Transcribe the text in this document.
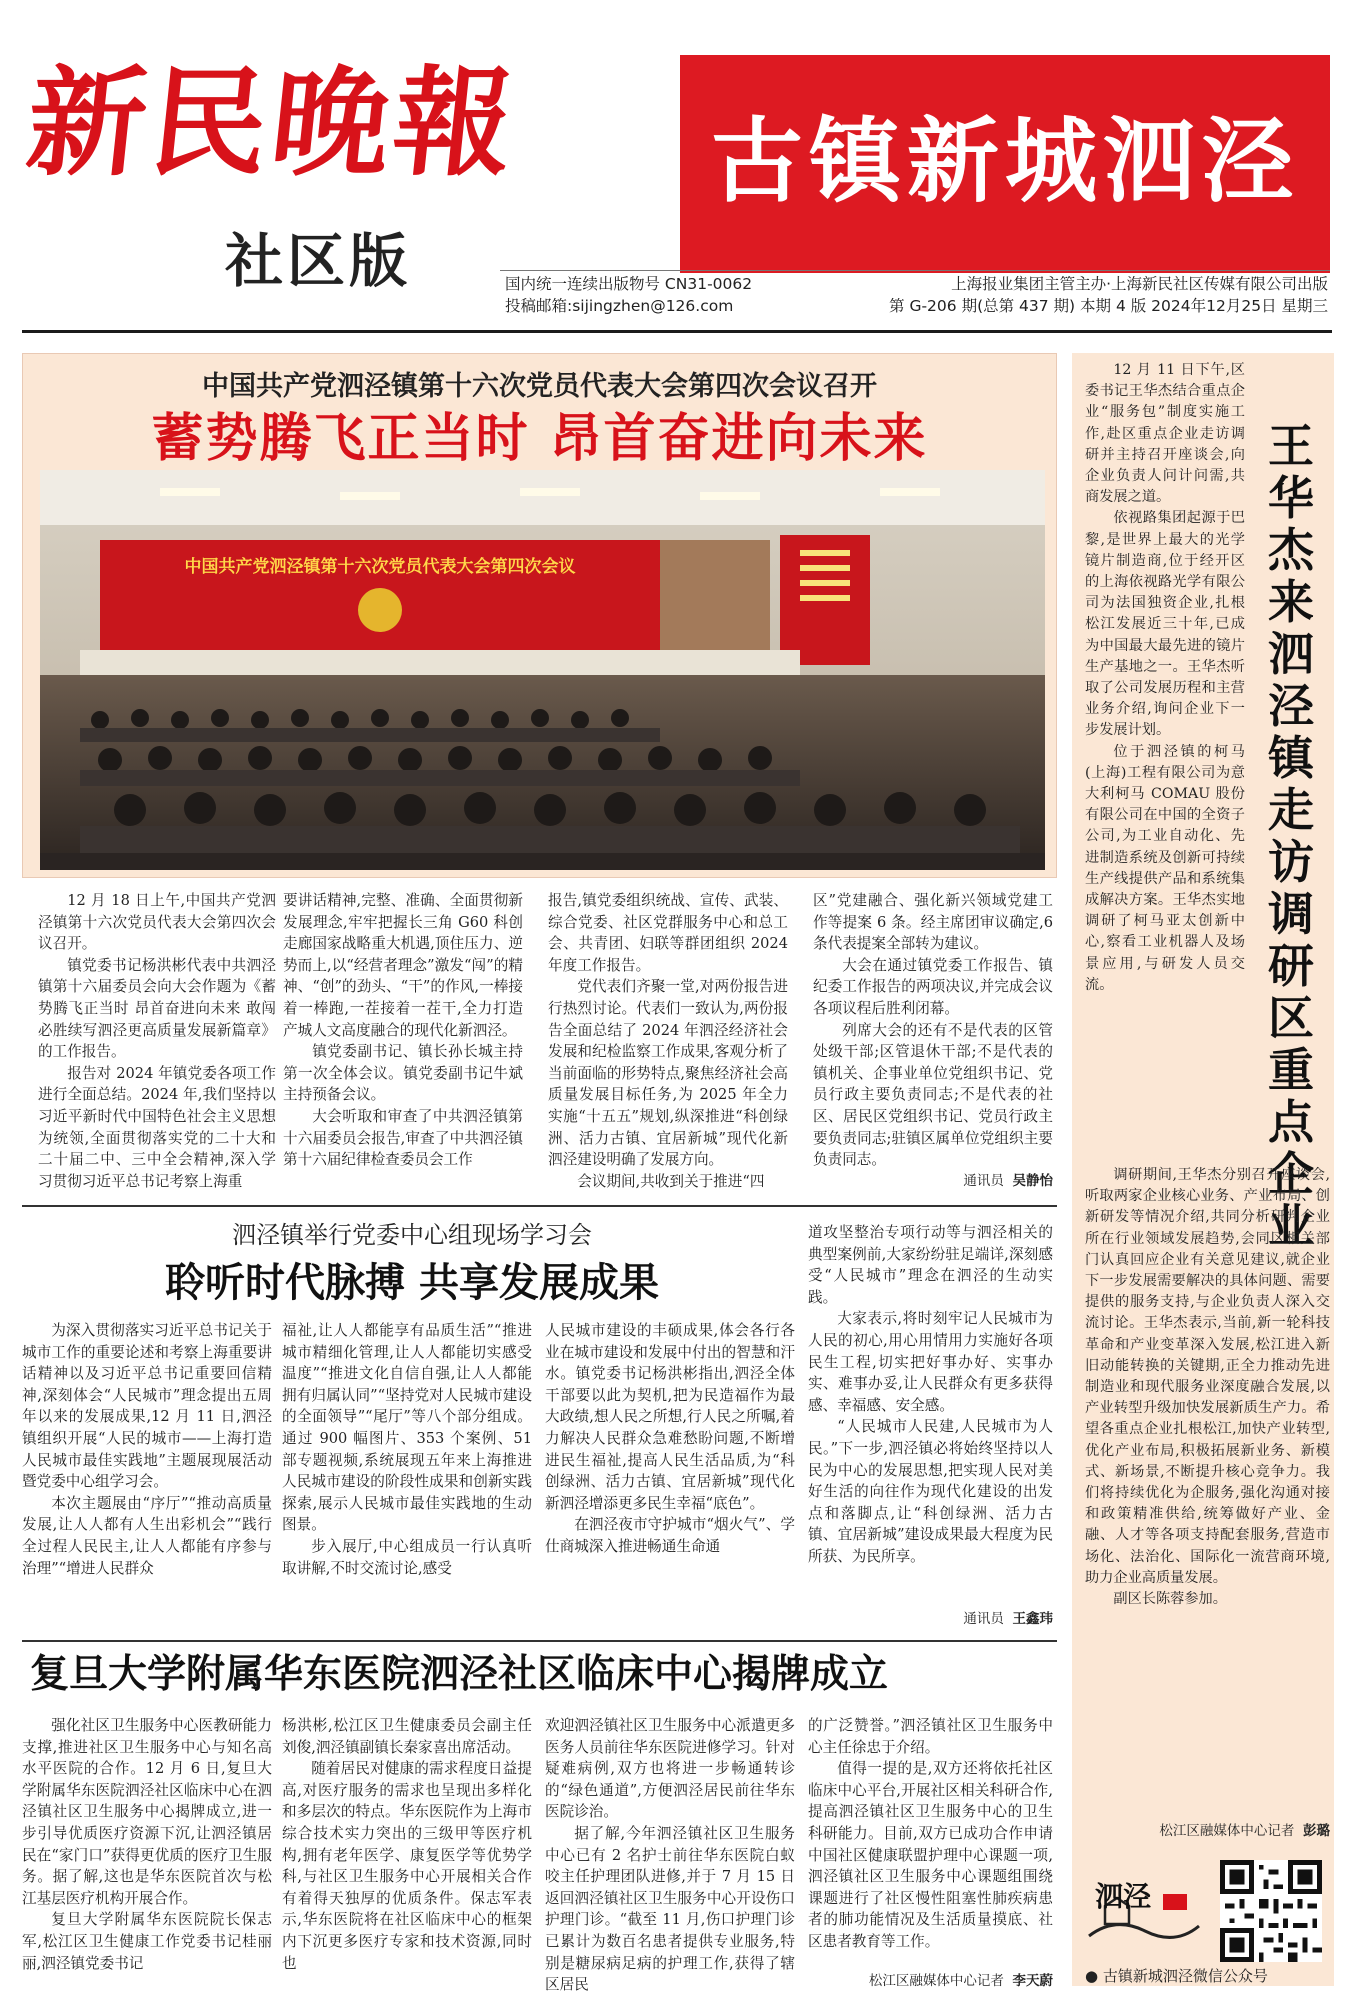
新民晚報
社区版
古镇新城泗泾
国内统一连续出版物号 CN31-0062	上海报业集团主管主办·上海新民社区传媒有限公司出版
投稿邮箱:sijingzhen@126.com	第 G-206 期(总第 437 期) 本期 4 版 2024年12月25日 星期三
中国共产党泗泾镇第十六次党员代表大会第四次会议召开
蓄势腾飞正当时 昂首奋进向未来
中国共产党泗泾镇第十六次党员代表大会第四次会议

12 月 18 日上午,中国共产党泗泾镇第十六次党员代表大会第四次会议召开。

镇党委书记杨洪彬代表中共泗泾镇第十六届委员会向大会作题为《蓄势腾飞正当时 昂首奋进向未来 敢闯必胜续写泗泾更高质量发展新篇章》的工作报告。

报告对 2024 年镇党委各项工作进行全面总结。2024 年,我们坚持以习近平新时代中国特色社会主义思想为统领,全面贯彻落实党的二十大和二十届二中、三中全会精神,深入学习贯彻习近平总书记考察上海重

要讲话精神,完整、准确、全面贯彻新发展理念,牢牢把握长三角 G60 科创走廊国家战略重大机遇,顶住压力、逆势而上,以“经营者理念”激发“闯”的精神、“创”的劲头、“干”的作风,一棒接着一棒跑,一茬接着一茬干,全力打造产城人文高度融合的现代化新泗泾。

镇党委副书记、镇长孙长城主持第一次全体会议。镇党委副书记牛斌主持预备会议。

大会听取和审查了中共泗泾镇第十六届委员会报告,审查了中共泗泾镇第十六届纪律检查委员会工作

报告,镇党委组织统战、宣传、武装、综合党委、社区党群服务中心和总工会、共青团、妇联等群团组织 2024 年度工作报告。

党代表们齐聚一堂,对两份报告进行热烈讨论。代表们一致认为,两份报告全面总结了 2024 年泗泾经济社会发展和纪检监察工作成果,客观分析了当前面临的形势特点,聚焦经济社会高质量发展目标任务,为 2025 年全力实施“十五五”规划,纵深推进“科创绿洲、活力古镇、宜居新城”现代化新泗泾建设明确了发展方向。

会议期间,共收到关于推进“四

区”党建融合、强化新兴领域党建工作等提案 6 条。经主席团审议确定,6 条代表提案全部转为建议。

大会在通过镇党委工作报告、镇纪委工作报告的两项决议,并完成会议各项议程后胜利闭幕。

列席大会的还有不是代表的区管处级干部;区管退休干部;不是代表的镇机关、企事业单位党组织书记、党员行政主要负责同志;不是代表的社区、居民区党组织书记、党员行政主要负责同志;驻镇区属单位党组织主要负责同志。

通讯员 吴静怡
泗泾镇举行党委中心组现场学习会
聆听时代脉搏 共享发展成果

为深入贯彻落实习近平总书记关于城市工作的重要论述和考察上海重要讲话精神以及习近平总书记重要回信精神,深刻体会“人民城市”理念提出五周年以来的发展成果,12 月 11 日,泗泾镇组织开展“人民的城市——上海打造人民城市最佳实践地”主题展现展活动暨党委中心组学习会。

本次主题展由“序厅”“推动高质量发展,让人人都有人生出彩机会”“践行全过程人民民主,让人人都能有序参与治理”“增进人民群众

福祉,让人人都能享有品质生活”“推进城市精细化管理,让人人都能切实感受温度”“推进文化自信自强,让人人都能拥有归属认同”“坚持党对人民城市建设的全面领导”“尾厅”等八个部分组成。通过 900 幅图片、353 个案例、51 部专题视频,系统展现五年来上海推进人民城市建设的阶段性成果和创新实践探索,展示人民城市最佳实践地的生动图景。

步入展厅,中心组成员一行认真听取讲解,不时交流讨论,感受

人民城市建设的丰硕成果,体会各行各业在城市建设和发展中付出的智慧和汗水。镇党委书记杨洪彬指出,泗泾全体干部要以此为契机,把为民造福作为最大政绩,想人民之所想,行人民之所嘱,着力解决人民群众急难愁盼问题,不断增进民生福祉,提高人民生活品质,为“科创绿洲、活力古镇、宜居新城”现代化新泗泾增添更多民生幸福“底色”。

在泗泾夜市守护城市“烟火气”、学仕商城深入推进畅通生命通

道攻坚整治专项行动等与泗泾相关的典型案例前,大家纷纷驻足端详,深刻感受“人民城市”理念在泗泾的生动实践。

大家表示,将时刻牢记人民城市为人民的初心,用心用情用力实施好各项民生工程,切实把好事办好、实事办实、难事办妥,让人民群众有更多获得感、幸福感、安全感。

“人民城市人民建,人民城市为人民。”下一步,泗泾镇必将始终坚持以人民为中心的发展思想,把实现人民对美好生活的向往作为现代化建设的出发点和落脚点,让“科创绿洲、活力古镇、宜居新城”建设成果最大程度为民所获、为民所享。

通讯员 王鑫玮
复旦大学附属华东医院泗泾社区临床中心揭牌成立

强化社区卫生服务中心医教研能力支撑,推进社区卫生服务中心与知名高水平医院的合作。12 月 6 日,复旦大学附属华东医院泗泾社区临床中心在泗泾镇社区卫生服务中心揭牌成立,进一步引导优质医疗资源下沉,让泗泾镇居民在“家门口”获得更优质的医疗卫生服务。据了解,这也是华东医院首次与松江基层医疗机构开展合作。

复旦大学附属华东医院院长保志军,松江区卫生健康工作党委书记桂丽丽,泗泾镇党委书记

杨洪彬,松江区卫生健康委员会副主任刘俊,泗泾镇副镇长秦家喜出席活动。

随着居民对健康的需求程度日益提高,对医疗服务的需求也呈现出多样化和多层次的特点。华东医院作为上海市综合技术实力突出的三级甲等医疗机构,拥有老年医学、康复医学等优势学科,与社区卫生服务中心开展相关合作有着得天独厚的优质条件。保志军表示,华东医院将在社区临床中心的框架内下沉更多医疗专家和技术资源,同时也

欢迎泗泾镇社区卫生服务中心派遣更多医务人员前往华东医院进修学习。针对疑难病例,双方也将进一步畅通转诊的“绿色通道”,方便泗泾居民前往华东医院诊治。

据了解,今年泗泾镇社区卫生服务中心已有 2 名护士前往华东医院白蚁咬主任护理团队进修,并于 7 月 15 日返回泗泾镇社区卫生服务中心开设伤口护理门诊。“截至 11 月,伤口护理门诊已累计为数百名患者提供专业服务,特别是糖尿病足病的护理工作,获得了辖区居民

的广泛赞誉。”泗泾镇社区卫生服务中心主任徐忠于介绍。

值得一提的是,双方还将依托社区临床中心平台,开展社区相关科研合作,提高泗泾镇社区卫生服务中心的卫生科研能力。目前,双方已成功合作申请中国社区健康联盟护理中心课题一项,泗泾镇社区卫生服务中心课题组围绕课题进行了社区慢性阻塞性肺疾病患者的肺功能情况及生活质量摸底、社区患者教育等工作。

松江区融媒体中心记者 李天蔚
王华杰来泗泾镇走访调研区重点企业

12 月 11 日下午,区委书记王华杰结合重点企业“服务包”制度实施工作,赴区重点企业走访调研并主持召开座谈会,向企业负责人问计问需,共商发展之道。

依视路集团起源于巴黎,是世界上最大的光学镜片制造商,位于经开区的上海依视路光学有限公司为法国独资企业,扎根松江发展近三十年,已成为中国最大最先进的镜片生产基地之一。王华杰听取了公司发展历程和主营业务介绍,询问企业下一步发展计划。

位于泗泾镇的柯马(上海)工程有限公司为意大利柯马 COMAU 股份有限公司在中国的全资子公司,为工业自动化、先进制造系统及创新可持续生产线提供产品和系统集成解决方案。王华杰实地调研了柯马亚太创新中心,察看工业机器人及场景应用,与研发人员交流。

调研期间,王华杰分别召开座谈会,听取两家企业核心业务、产业布局、创新研发等情况介绍,共同分析研判企业所在行业领域发展趋势,会同区相关部门认真回应企业有关意见建议,就企业下一步发展需要解决的具体问题、需要提供的服务支持,与企业负责人深入交流讨论。王华杰表示,当前,新一轮科技革命和产业变革深入发展,松江进入新旧动能转换的关键期,正全力推动先进制造业和现代服务业深度融合发展,以产业转型升级加快发展新质生产力。希望各重点企业扎根松江,加快产业转型,优化产业布局,积极拓展新业务、新模式、新场景,不断提升核心竞争力。我们将持续优化为企服务,强化沟通对接和政策精准供给,统筹做好产业、金融、人才等各项支持配套服务,营造市场化、法治化、国际化一流营商环境,助力企业高质量发展。

副区长陈蓉参加。

松江区融媒体中心记者 彭璐
泗泾
● 古镇新城泗泾微信公众号
